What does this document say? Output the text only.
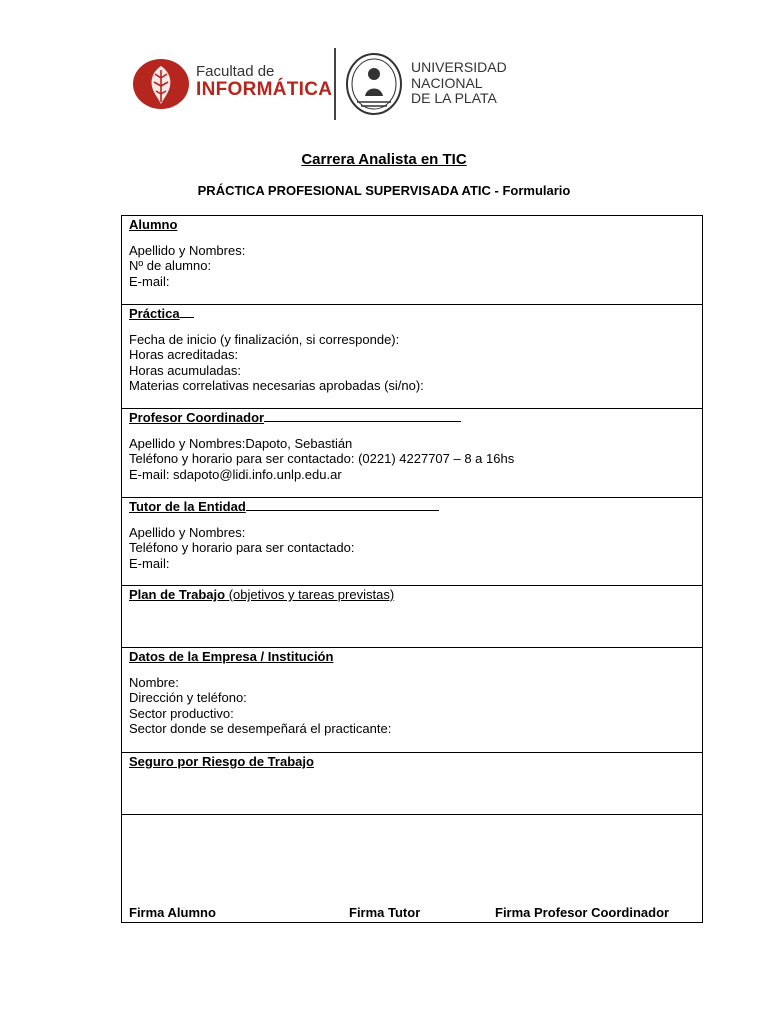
Facultad de
INFORMÁTICA
UNIVERSIDAD
NACIONAL
DE LA PLATA
Carrera Analista en TIC
PRÁCTICA PROFESIONAL SUPERVISADA ATIC - Formulario
Alumno
Apellido y Nombres:
Nº de alumno:
E-mail:
Práctica
Fecha de inicio (y finalización, si corresponde):
Horas acreditadas:
Horas acumuladas:
Materias correlativas necesarias aprobadas (si/no):
Profesor Coordinador
Apellido y Nombres:Dapoto, Sebastián
Teléfono y horario para ser contactado: (0221) 4227707 – 8 a 16hs
E-mail: sdapoto@lidi.info.unlp.edu.ar
Tutor de la Entidad
Apellido y Nombres:
Teléfono y horario para ser contactado:
E-mail:
Plan de Trabajo (objetivos y tareas previstas)
Datos de la Empresa / Institución
Nombre:
Dirección y teléfono:
Sector productivo:
Sector donde se desempeñará el practicante:
Seguro por Riesgo de Trabajo
Firma Alumno	Firma Tutor	Firma Profesor Coordinador
